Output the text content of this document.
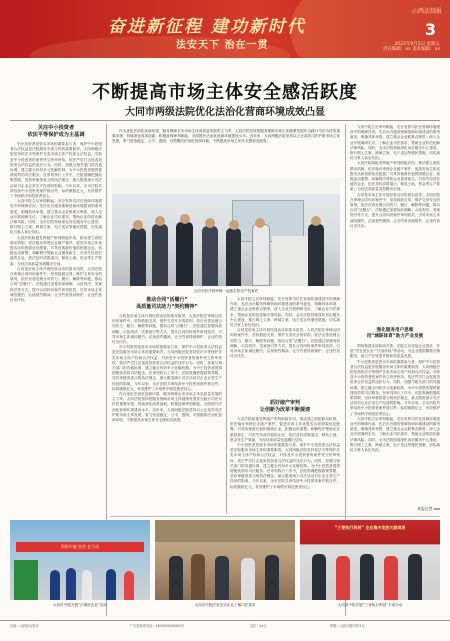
奋进新征程 建功新时代
法安天下 治在一贯
山西法制报
3
2022年9月2日 星期五
责任编辑：xx 美术编辑：xx
不断提高市场主体安全感活跃度
大同市两级法院优化法治化营商环境成效凸显
关注中小投资者
依法平等保护成为主基调

中小投资者是资本市场的重要参与者，保护中小投资者合法权益是法院服务市场主体的重要职责。大同两级法院坚持依法平等保护各类市场主体产权和合法权益，对涉及中小投资者的案件快立快审快执，依法严厉打击侵害投资者合法权益的违法行为。同时，加强与相关部门的沟通协调，建立健全纠纷多元化解机制，为中小投资者提供便捷高效的司法服务。在审判执行工作中，法院准确把握政策界限，坚持审慎善意文明执法理念，最大限度减少司法活动对企业正常生产经营的影响。今年以来，全市法院共审结涉中小投资者案件数百件，标的额数亿元，有效维护了市场秩序和投资者信心。

大同中院立足审判职能，充分发挥司法在营商环境建设中的保障作用，先后出台服务保障营商环境建设的系列意见，明确具体举措，建立重点企业联系点制度，深入企业开展调研走访，了解企业司法需求，帮助企业防范化解法律风险。同时，全市法院持续深化诉讼服务中心建设，推行网上立案、跨域立案、电子送达等便民措施，切实减轻当事人诉讼负担。

大同法院积极发挥破产审判职能作用，推动建立府院联动机制，依法稳妥审理企业破产案件，促进市场主体优胜劣汰和资源优化配置。对具有挽救价值的困境企业，积极运用重整、和解程序帮助企业重获新生；对丧失经营价值的企业，依法及时清算退出，释放土地、资金等生产要素，为经济高质量发展腾出空间。

合同是市场主体开展经营活动的基本纽带，大同法院在审理合同纠纷案件中，坚持鼓励交易、维护交易安全的原则，依法妥善处理合同效力、履行、解除等问题，推动合同“活履行”。法院通过加强诉前调解、示范判决、类案指引等方式，提升合同纠纷案件审判质效，引导市场主体诚信履约，弘扬契约精神，让守约者得到保护，让违约者付出代价。

作为优化法治化营商环境，服务保障全市市场主体高质量发展的主力军，大同法院坚持把服务保障市场主体健康发展作为践行司法为民的重要举措，持续深化改革创新，积极延伸审判职能，全面提升法治化营商环境建设水平。近年来，大同两级法院坚持以公正高效司法护航市场主体发展，着力营造稳定、公平、透明、可预期的法治化营商环境，不断提高市场主体安全感和活跃度。

大同中院开庭审理一起涉企知识产权案件
推动合同“活履行”
高质量司法助力“契约精神”

合同是市场主体开展经营活动的基本纽带，大同法院在审理合同纠纷案件中，坚持鼓励交易、维护交易安全的原则，依法妥善处理合同效力、履行、解除等问题，推动合同“活履行”。法院通过加强诉前调解、示范判决、类案指引等方式，提升合同纠纷案件审判质效，引导市场主体诚信履约，弘扬契约精神，让守约者得到保护，让违约者付出代价。

中小投资者是资本市场的重要参与者，保护中小投资者合法权益是法院服务市场主体的重要职责。大同两级法院坚持依法平等保护各类市场主体产权和合法权益，对涉及中小投资者的案件快立快审快执，依法严厉打击侵害投资者合法权益的违法行为。同时，加强与相关部门的沟通协调，建立健全纠纷多元化解机制，为中小投资者提供便捷高效的司法服务。在审判执行工作中，法院准确把握政策界限，坚持审慎善意文明执法理念，最大限度减少司法活动对企业正常生产经营的影响。今年以来，全市法院共审结涉中小投资者案件数百件，标的额数亿元，有效维护了市场秩序和投资者信心。

作为优化法治化营商环境，服务保障全市市场主体高质量发展的主力军，大同法院坚持把服务保障市场主体健康发展作为践行司法为民的重要举措，持续深化改革创新，积极延伸审判职能，全面提升法治化营商环境建设水平。近年来，大同两级法院坚持以公正高效司法护航市场主体发展，着力营造稳定、公平、透明、可预期的法治化营商环境，不断提高市场主体安全感和活跃度。

大同中院立足审判职能，充分发挥司法在营商环境建设中的保障作用，先后出台服务保障营商环境建设的系列意见，明确具体举措，建立重点企业联系点制度，深入企业开展调研走访，了解企业司法需求，帮助企业防范化解法律风险。同时，全市法院持续深化诉讼服务中心建设，推行网上立案、跨域立案、电子送达等便民措施，切实减轻当事人诉讼负担。

合同是市场主体开展经营活动的基本纽带，大同法院在审理合同纠纷案件中，坚持鼓励交易、维护交易安全的原则，依法妥善处理合同效力、履行、解除等问题，推动合同“活履行”。法院通过加强诉前调解、示范判决、类案指引等方式，提升合同纠纷案件审判质效，引导市场主体诚信履约，弘扬契约精神，让守约者得到保护，让违约者付出代价。

抓好破产审判
让创新为改革不断提速

大同法院积极发挥破产审判职能作用，推动建立府院联动机制，依法稳妥审理企业破产案件，促进市场主体优胜劣汰和资源优化配置。对具有挽救价值的困境企业，积极运用重整、和解程序帮助企业重获新生；对丧失经营价值的企业，依法及时清算退出，释放土地、资金等生产要素，为经济高质量发展腾出空间。

中小投资者是资本市场的重要参与者，保护中小投资者合法权益是法院服务市场主体的重要职责。大同两级法院坚持依法平等保护各类市场主体产权和合法权益，对涉及中小投资者的案件快立快审快执，依法严厉打击侵害投资者合法权益的违法行为。同时，加强与相关部门的沟通协调，建立健全纠纷多元化解机制，为中小投资者提供便捷高效的司法服务。在审判执行工作中，法院准确把握政策界限，坚持审慎善意文明执法理念，最大限度减少司法活动对企业正常生产经营的影响。今年以来，全市法院共审结涉中小投资者案件数百件，标的额数亿元，有效维护了市场秩序和投资者信心。

大同中院立足审判职能，充分发挥司法在营商环境建设中的保障作用，先后出台服务保障营商环境建设的系列意见，明确具体举措，建立重点企业联系点制度，深入企业开展调研走访，了解企业司法需求，帮助企业防范化解法律风险。同时，全市法院持续深化诉讼服务中心建设，推行网上立案、跨域立案、电子送达等便民措施，切实减轻当事人诉讼负担。

大同法院积极发挥破产审判职能作用，推动建立府院联动机制，依法稳妥审理企业破产案件，促进市场主体优胜劣汰和资源优化配置。对具有挽救价值的困境企业，积极运用重整、和解程序帮助企业重获新生；对丧失经营价值的企业，依法及时清算退出，释放土地、资金等生产要素，为经济高质量发展腾出空间。

合同是市场主体开展经营活动的基本纽带，大同法院在审理合同纠纷案件中，坚持鼓励交易、维护交易安全的原则，依法妥善处理合同效力、履行、解除等问题，推动合同“活履行”。法院通过加强诉前调解、示范判决、类案指引等方式，提升合同纠纷案件审判质效，引导市场主体诚信履约，弘扬契约精神，让守约者得到保护，让违约者付出代价。

强化服务用户思维
用“城职体育”助力产业发展

围绕构建亲清政商关系，法院主动对接企业需求，开展“法官进企业”“法治体检”等活动，为企业提供精准法律服务，助力产业转型升级和高质量发展。

中小投资者是资本市场的重要参与者，保护中小投资者合法权益是法院服务市场主体的重要职责。大同两级法院坚持依法平等保护各类市场主体产权和合法权益，对涉及中小投资者的案件快立快审快执，依法严厉打击侵害投资者合法权益的违法行为。同时，加强与相关部门的沟通协调，建立健全纠纷多元化解机制，为中小投资者提供便捷高效的司法服务。在审判执行工作中，法院准确把握政策界限，坚持审慎善意文明执法理念，最大限度减少司法活动对企业正常生产经营的影响。今年以来，全市法院共审结涉中小投资者案件数百件，标的额数亿元，有效维护了市场秩序和投资者信心。

大同中院立足审判职能，充分发挥司法在营商环境建设中的保障作用，先后出台服务保障营商环境建设的系列意见，明确具体举措，建立重点企业联系点制度，深入企业开展调研走访，了解企业司法需求，帮助企业防范化解法律风险。同时，全市法院持续深化诉讼服务中心建设，推行网上立案、跨域立案、电子送达等便民措施，切实减轻当事人诉讼负担。

本报记者 xxx
预防诈骗 宣传 在行动
大同市中院开展“法律进企业”活动	大同市中院法官走访企业了解司法需求
“三晋执行利剑” 企业集中发放欠款现场
大同市中院开展“三晋执行利剑”专项行动
社址：山西省太原市	广告经营许可证：14000040000072	定价：xx元	印刷：山西日报印务中心
